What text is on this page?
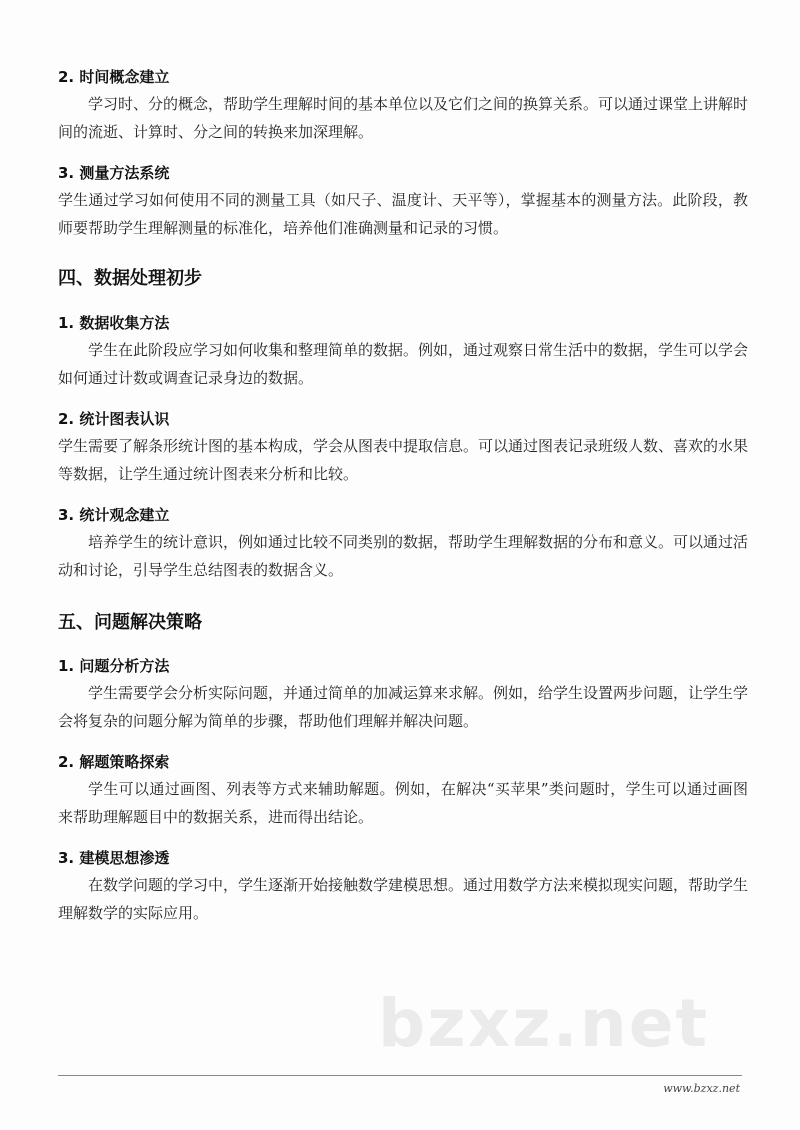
2. 时间概念建立
学习时、分的概念，帮助学生理解时间的基本单位以及它们之间的换算关系。可以通过课堂上讲解时间的流逝、计算时、分之间的转换来加深理解。
3. 测量方法系统
学生通过学习如何使用不同的测量工具（如尺子、温度计、天平等），掌握基本的测量方法。此阶段，教师要帮助学生理解测量的标准化，培养他们准确测量和记录的习惯。
四、数据处理初步
1. 数据收集方法
学生在此阶段应学习如何收集和整理简单的数据。例如，通过观察日常生活中的数据，学生可以学会如何通过计数或调查记录身边的数据。
2. 统计图表认识
学生需要了解条形统计图的基本构成，学会从图表中提取信息。可以通过图表记录班级人数、喜欢的水果等数据，让学生通过统计图表来分析和比较。
3. 统计观念建立
培养学生的统计意识，例如通过比较不同类别的数据，帮助学生理解数据的分布和意义。可以通过活动和讨论，引导学生总结图表的数据含义。
五、问题解决策略
1. 问题分析方法
学生需要学会分析实际问题，并通过简单的加减运算来求解。例如，给学生设置两步问题，让学生学会将复杂的问题分解为简单的步骤，帮助他们理解并解决问题。
2. 解题策略探索
学生可以通过画图、列表等方式来辅助解题。例如，在解决“买苹果”类问题时，学生可以通过画图来帮助理解题目中的数据关系，进而得出结论。
3. 建模思想渗透
在数学问题的学习中，学生逐渐开始接触数学建模思想。通过用数学方法来模拟现实问题，帮助学生理解数学的实际应用。
bzxz.net
www.bzxz.net
